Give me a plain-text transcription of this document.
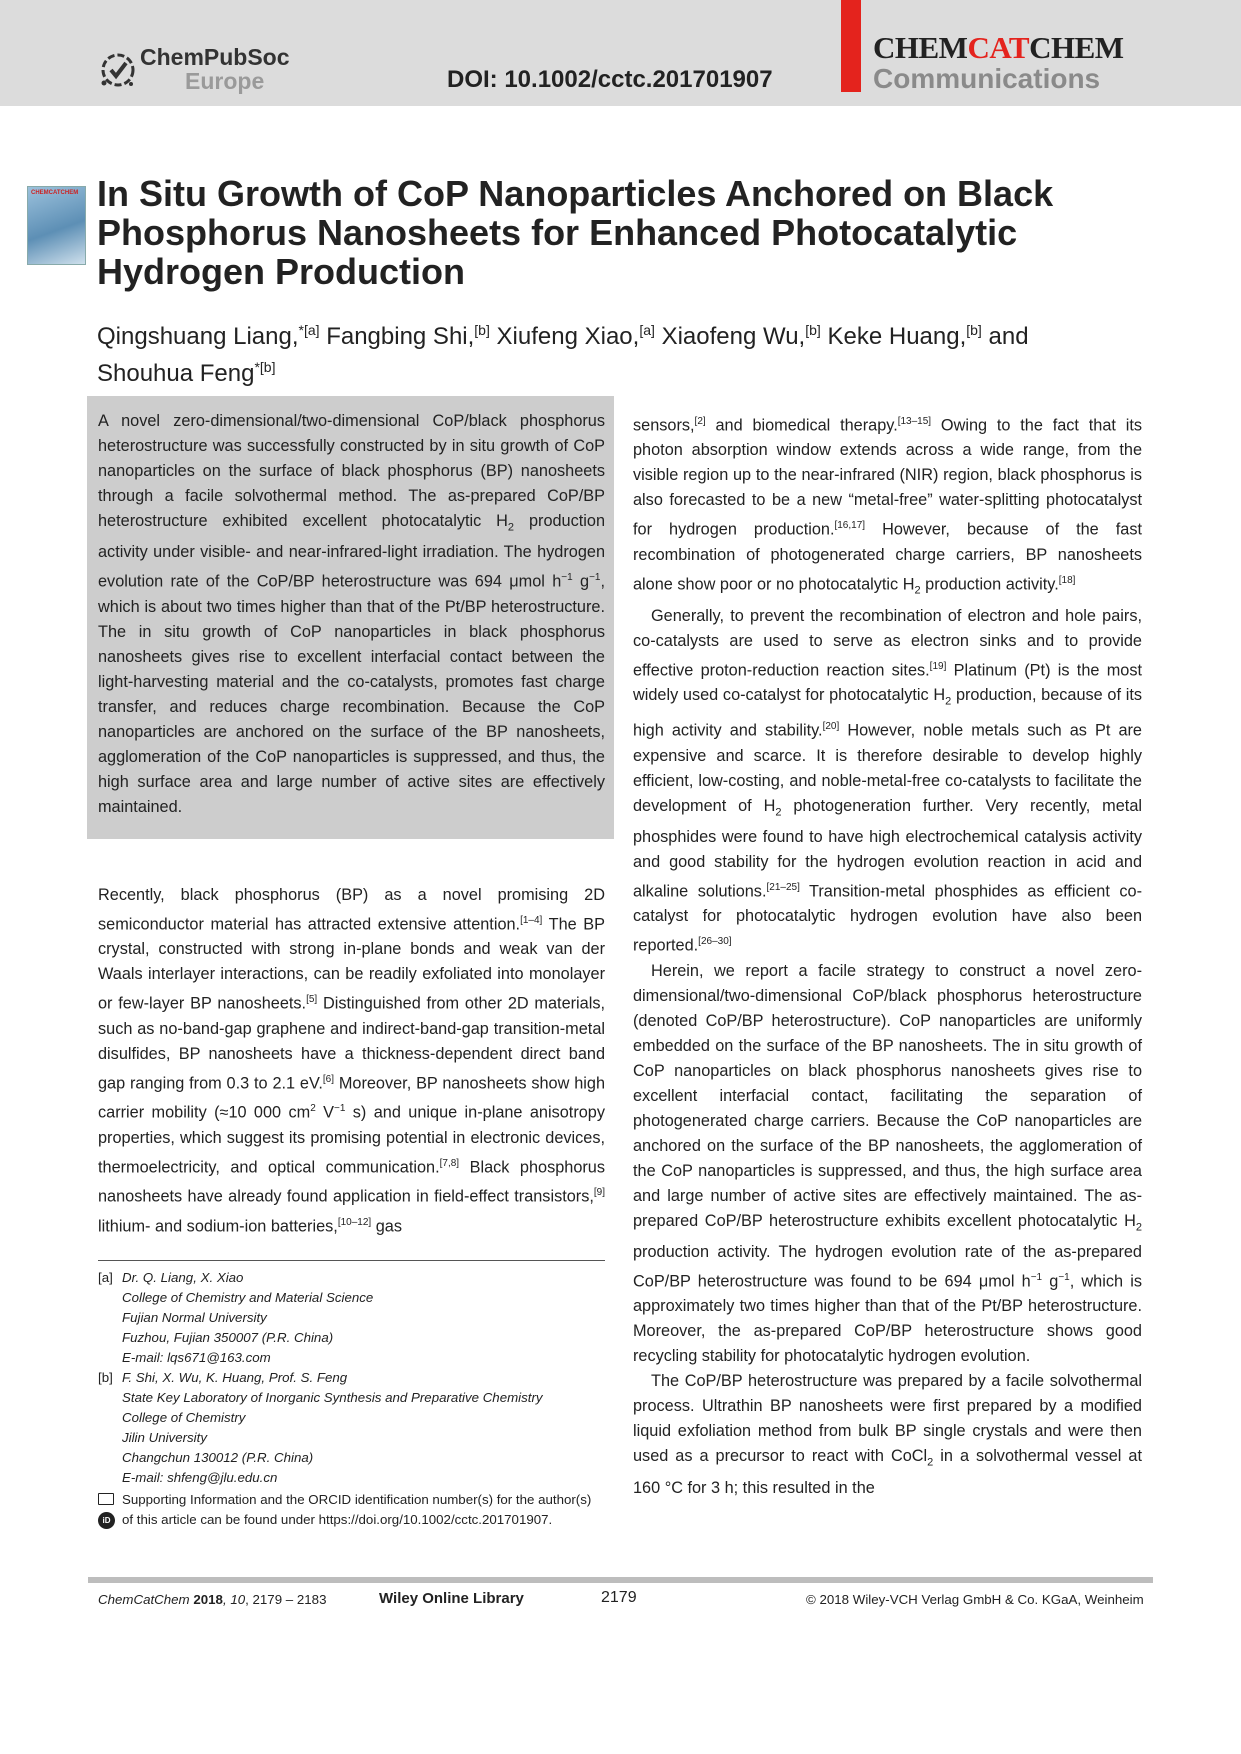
ChemPubSoc
Europe	DOI: 10.1002/cctc.201701907
CHEMCATCHEM
Communications
CHEMCATCHEM In Situ Growth of CoP Nanoparticles Anchored on Black Phosphorus Nanosheets for Enhanced Photocatalytic Hydrogen Production
Qingshuang Liang,$^{*[a]}$ Fangbing Shi,[b] Xiufeng Xiao,[a] Xiaofeng Wu,[b] Keke Huang,[b] and Shouhua Feng$^{*[b]}$
A novel zero-dimensional/two-dimensional CoP/black phosphorus heterostructure was successfully constructed by in situ growth of CoP nanoparticles on the surface of black phosphorus (BP) nanosheets through a facile solvothermal method. The as-prepared CoP/BP heterostructure exhibited excellent photocatalytic $H_2$ production activity under visible- and near-infrared-light irradiation. The hydrogen evolution rate of the CoP/BP heterostructure was 694 μmol $h^{-1}$ $g^{-1}$, which is about two times higher than that of the Pt/BP heterostructure. The in situ growth of CoP nanoparticles in black phosphorus nanosheets gives rise to excellent interfacial contact between the light-harvesting material and the co-catalysts, promotes fast charge transfer, and reduces charge recombination. Because the CoP nanoparticles are anchored on the surface of the BP nanosheets, agglomeration of the CoP nanoparticles is suppressed, and thus, the high surface area and large number of active sites are effectively maintained.

Recently, black phosphorus (BP) as a novel promising 2D semiconductor material has attracted extensive attention.[1–4] The BP crystal, constructed with strong in-plane bonds and weak van der Waals interlayer interactions, can be readily exfoliated into monolayer or few-layer BP nanosheets.[5] Distinguished from other 2D materials, such as no-band-gap graphene and indirect-band-gap transition-metal disulfides, BP nanosheets have a thickness-dependent direct band gap ranging from 0.3 to 2.1 eV.[6] Moreover, BP nanosheets show high carrier mobility (≈10 000 $cm^2$ $V^{-1}$ s) and unique in-plane anisotropy properties, which suggest its promising potential in electronic devices, thermoelectricity, and optical communication.[7,8] Black phosphorus nanosheets have already found application in field-effect transistors,[9] lithium- and sodium-ion batteries,[10–12] gas

sensors,[2] and biomedical therapy.[13–15] Owing to the fact that its photon absorption window extends across a wide range, from the visible region up to the near-infrared (NIR) region, black phosphorus is also forecasted to be a new “metal-free” water-splitting photocatalyst for hydrogen production.[16,17] However, because of the fast recombination of photogenerated charge carriers, BP nanosheets alone show poor or no photocatalytic $H_2$ production activity.[18]

Generally, to prevent the recombination of electron and hole pairs, co-catalysts are used to serve as electron sinks and to provide effective proton-reduction reaction sites.[19] Platinum (Pt) is the most widely used co-catalyst for photocatalytic $H_2$ production, because of its high activity and stability.[20] However, noble metals such as Pt are expensive and scarce. It is therefore desirable to develop highly efficient, low-costing, and noble-metal-free co-catalysts to facilitate the development of $H_2$ photogeneration further. Very recently, metal phosphides were found to have high electrochemical catalysis activity and good stability for the hydrogen evolution reaction in acid and alkaline solutions.[21–25] Transition-metal phosphides as efficient co-catalyst for photocatalytic hydrogen evolution have also been reported.[26–30]

Herein, we report a facile strategy to construct a novel zero-dimensional/two-dimensional CoP/black phosphorus heterostructure (denoted CoP/BP heterostructure). CoP nanoparticles are uniformly embedded on the surface of the BP nanosheets. The in situ growth of CoP nanoparticles on black phosphorus nanosheets gives rise to excellent interfacial contact, facilitating the separation of photogenerated charge carriers. Because the CoP nanoparticles are anchored on the surface of the BP nanosheets, the agglomeration of the CoP nanoparticles is suppressed, and thus, the high surface area and large number of active sites are effectively maintained. The as-prepared CoP/BP heterostructure exhibits excellent photocatalytic $H_2$ production activity. The hydrogen evolution rate of the as-prepared CoP/BP heterostructure was found to be 694 μmol $h^{-1}$ $g^{-1}$, which is approximately two times higher than that of the Pt/BP heterostructure. Moreover, the as-prepared CoP/BP heterostructure shows good recycling stability for photocatalytic hydrogen evolution.

The CoP/BP heterostructure was prepared by a facile solvothermal process. Ultrathin BP nanosheets were first prepared by a modified liquid exfoliation method from bulk BP single crystals and were then used as a precursor to react with CoCl$_2$ in a solvothermal vessel at 160 °C for 3 h; this resulted in the

[a] Dr. Q. Liang, X. Xiao
College of Chemistry and Material Science
Fujian Normal University
Fuzhou, Fujian 350007 (P.R. China)
E-mail: lqs671@163.com
[b] F. Shi, X. Wu, K. Huang, Prof. S. Feng
State Key Laboratory of Inorganic Synthesis and Preparative Chemistry
College of Chemistry
Jilin University
Changchun 130012 (P.R. China)
E-mail: shfeng@jlu.edu.cn
iD
Supporting Information and the ORCID identification number(s) for the author(s) of this article can be found under https://doi.org/10.1002/cctc.201701907.
ChemCatChem 2018, 10, 2179 – 2183	Wiley Online Library	2179	© 2018 Wiley-VCH Verlag GmbH & Co. KGaA, Weinheim
